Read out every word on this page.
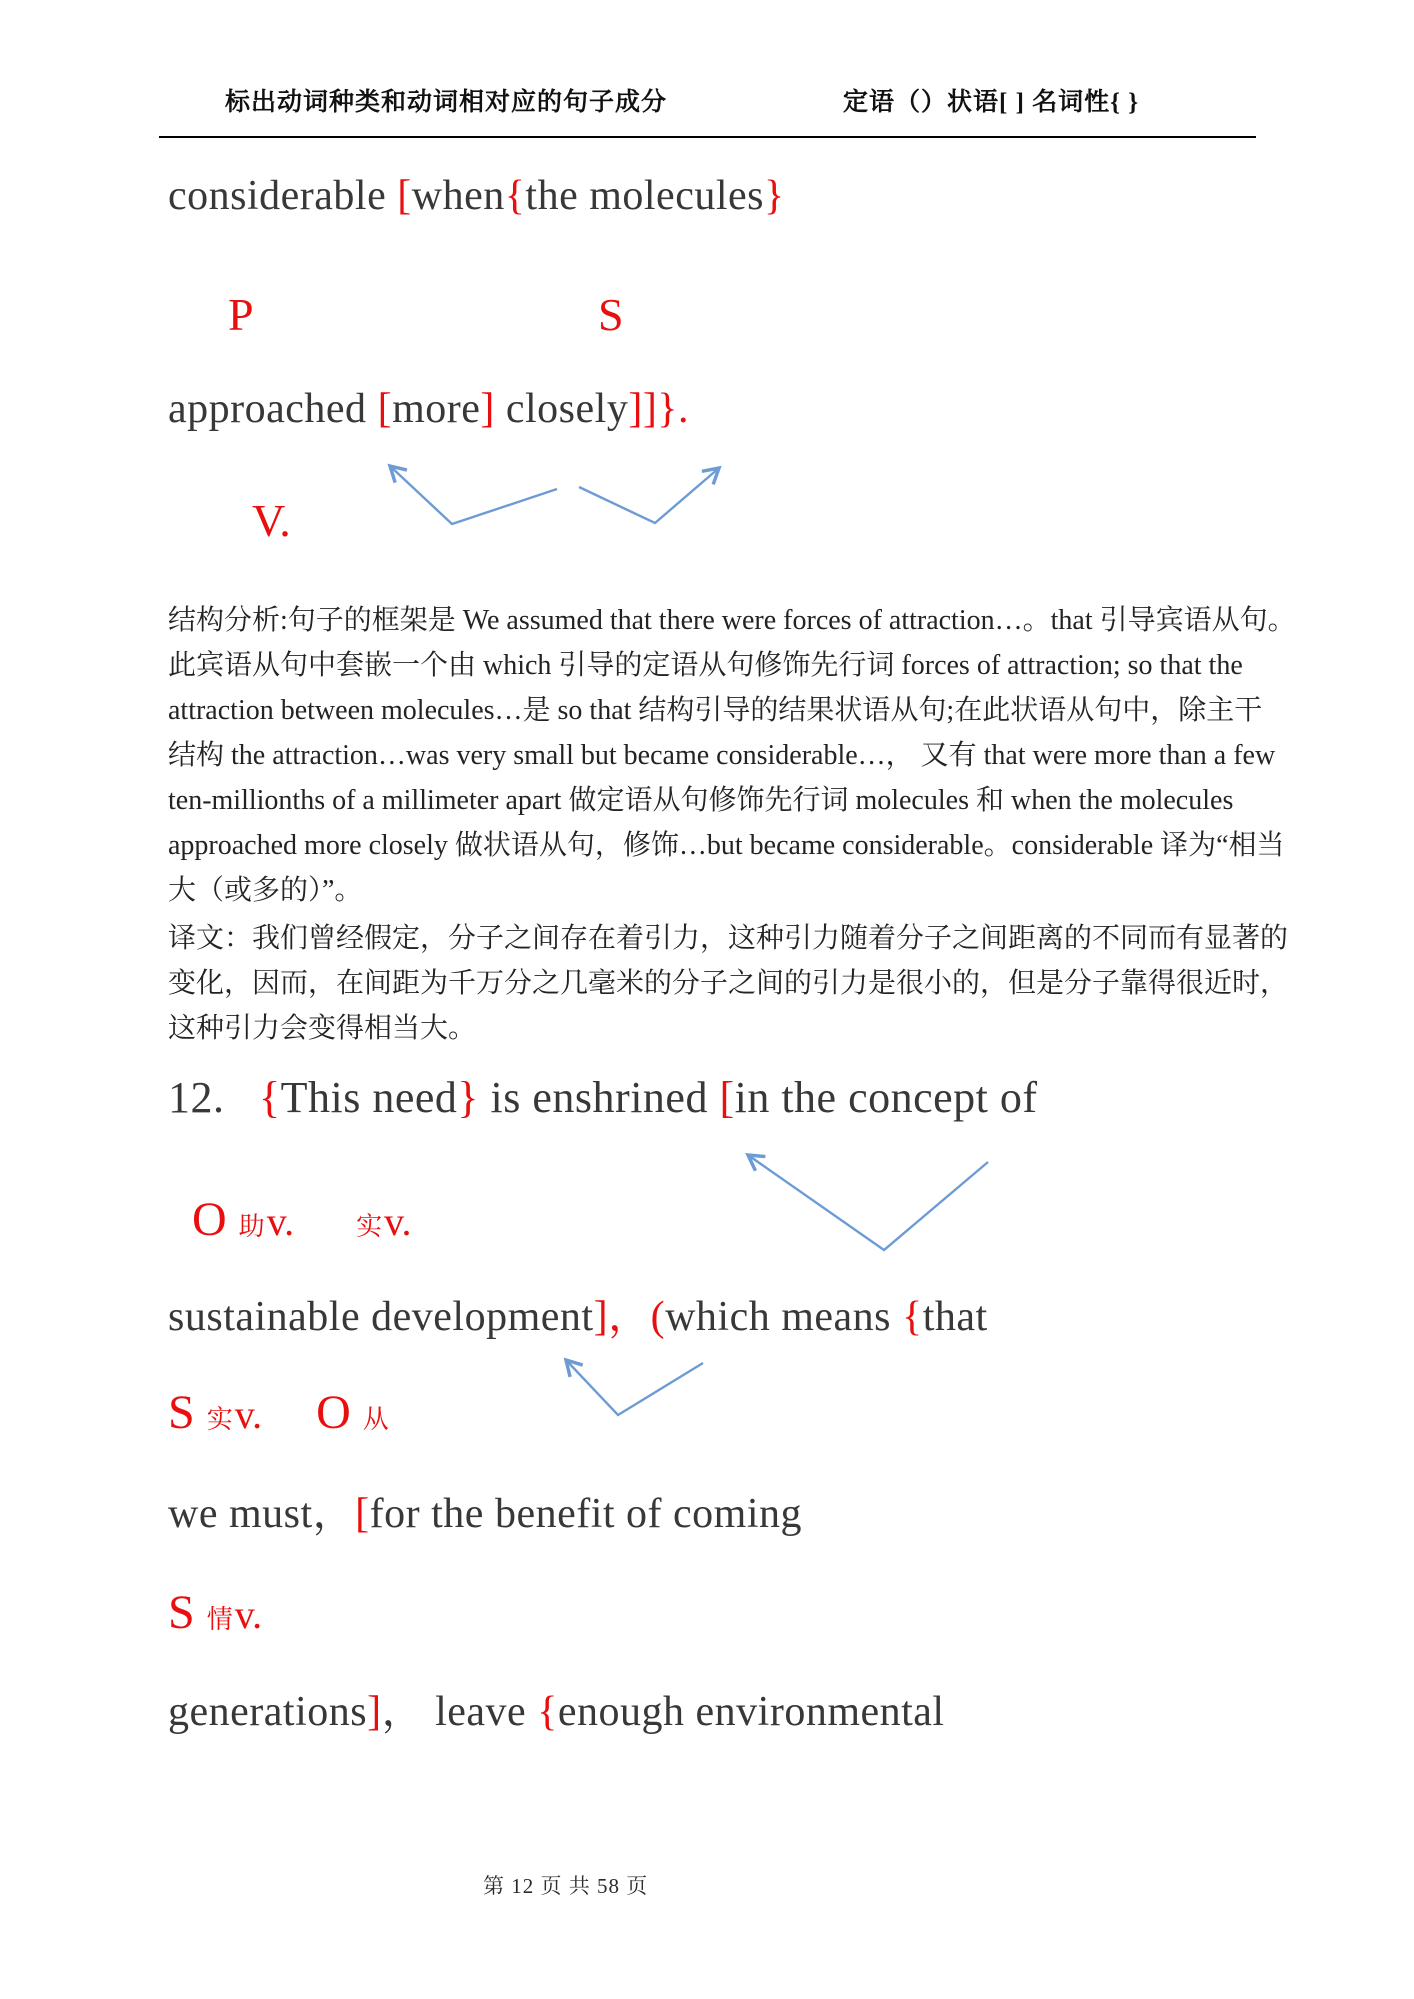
标出动词种类和动词相对应的句子成分	定语（）状语[ ] 名词性{ }
considerable [when{the molecules}
P	S
approached [more] closely]]}.
V.
结构分析:句子的框架是 We assumed that there were forces of attraction…。that 引导宾语从句。
此宾语从句中套嵌一个由 which 引导的定语从句修饰先行词 forces of attraction; so that the
attraction between molecules…是 so that 结构引导的结果状语从句;在此状语从句中，除主干
结构 the attraction…was very small but became considerable…， 又有 that were more than a few
ten-millionths of a millimeter apart 做定语从句修饰先行词 molecules 和 when the molecules
approached more closely 做状语从句，修饰…but became considerable。considerable 译为“相当
大（或多的）”。
译文：我们曾经假定，分子之间存在着引力，这种引力随着分子之间距离的不同而有显著的
变化，因而，在间距为千万分之几毫米的分子之间的引力是很小的，但是分子靠得很近时，
这种引力会变得相当大。
12.   {This need} is enshrined [in the concept of
O 助 v. 实 v.
sustainable development]，(which means {that
S 实 v. O 从
we must，[for the benefit of coming
S 情 v.
generations]， leave {enough environmental
第 12 页 共 58 页
